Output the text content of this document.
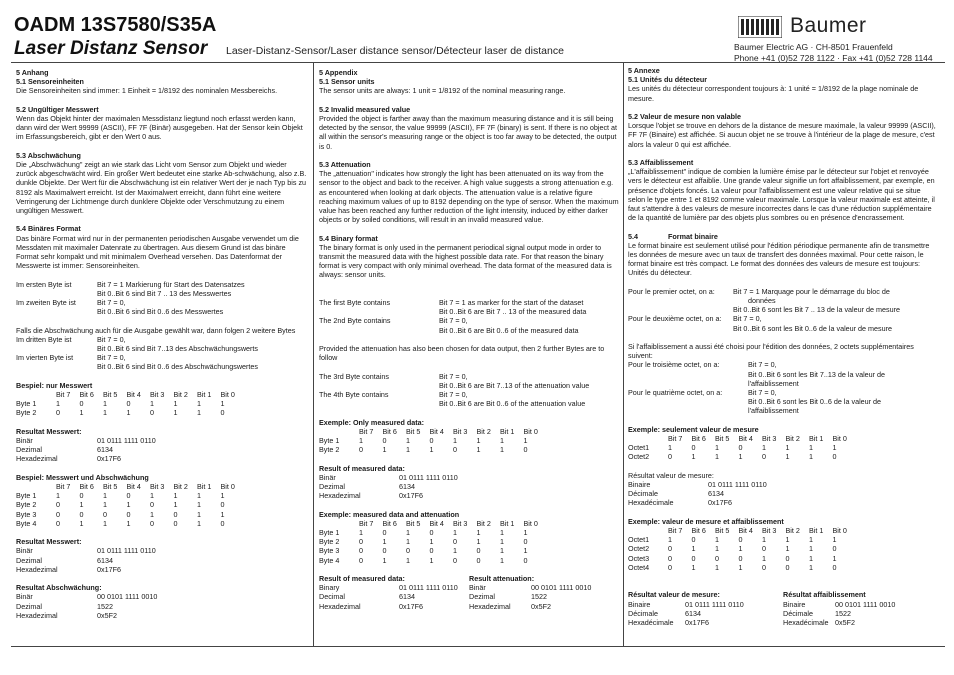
OADM 13S7580/S35A
Laser Distanz Sensor Laser-Distanz-Sensor/Laser distance sensor/Détecteur laser de distance
Baumer
Baumer Electric AG · CH-8501 Frauenfeld
Phone +41 (0)52 728 1122 · Fax +41 (0)52 728 1144
5 Anhang
5.1 Sensoreinheiten
Die Sensoreinheiten sind immer: 1 Einheit = 1/8192 des nominalen Messbereichs.
5.2 Ungültiger Messwert
Wenn das Objekt hinter der maximalen Messdistanz liegtund noch erfasst werden kann, dann wird der Wert 99999 (ASCII), FF 7F (Binär) ausgegeben. Hat der Sensor kein Objekt im Erfassungsbereich, gibt er den Wert 0 aus.
5.3 Abschwächung
Die „Abschwächung" zeigt an wie stark das Licht vom Sensor zum Objekt und wieder zurück abgeschwächt wird. Ein großer Wert bedeutet eine starke Ab-schwächung, also z.B. dunkle Objekte. Der Wert für die Abschwächung ist ein relativer Wert der je nach Typ bis zu 8192 als Maximalwert erreicht. Ist der Maximalwert erreicht, dann führt eine weitere Verringerung der Lichtmenge durch dunklere Objekte oder Verschmutzung zu einem ungültigen Messwert.
5.4 Binäres Format
Das binäre Format wird nur in der permanenten periodischen Ausgabe verwendet um die Messdaten mit maximaler Datenrate zu übertragen. Aus diesem Grund ist das binäre Format sehr kompakt und mit minimalem Overhead versehen. Das Datenformat der Messwerte ist immer: Sensoreinheiten.
Im ersten Byte ist	Bit 7 = 1 Markierung für Start des Datensatzes
Bit 0..Bit 6 sind Bit 7 .. 13 des Messwertes
Im zweiten Byte ist	Bit 7 = 0,
Bit 0..Bit 6 sind Bit 0..6 des Messwertes
Falls die Abschwächung auch für die Ausgabe gewählt war, dann folgen 2 weitere Bytes
Im dritten Byte ist	Bit 7 = 0,
Bit 0..Bit 6 sind Bit 7..13 des Abschwächungswerts
Im vierten Byte ist	Bit 7 = 0,
Bit 0..Bit 6 sind Bit 0..6 des Abschwächungswertes
Bespiel: nur Messwert
Bit 7	Bit 6	Bit 5	Bit 4	Bit 3	Bit 2	Bit 1	Bit 0
Byte 1	1	0	1	0	1	1	1	1
Byte 2	0	1	1	1	0	1	1	0
Resultat Messwert:
Binär	01 0111 1111 0110
Dezimal	6134
Hexadezimal	0x17F6
Bespiel: Messwert und Abschwächung
Bit 7	Bit 6	Bit 5	Bit 4	Bit 3	Bit 2	Bit 1	Bit 0
Byte 1	1	0	1	0	1	1	1	1
Byte 2	0	1	1	1	0	1	1	0
Byte 3	0	0	0	0	1	0	1	1
Byte 4	0	1	1	1	0	0	1	0
Resultat Messwert:
Binär	01 0111 1111 0110
Dezimal	6134
Hexadezimal	0x17F6
Resultat Abschwächung:
Binär	00 0101 1111 0010
Dezimal	1522
Hexadezimal	0x5F2
5 Appendix
5.1 Sensor units
The sensor units are always: 1 unit = 1/8192 of the nominal measuring range.
5.2 Invalid measured value
Provided the object is farther away than the maximum measuring distance and it is still being detected by the sensor, the value 99999 (ASCII), FF 7F (binary) is sent. If there is no object at all within the sensor's measuring range or the object is too far away to be detected, the output is 0.
5.3 Attenuation
The „attenuation" indicates how strongly the light has been attenuated on its way from the sensor to the object and back to the receiver. A high value suggests a strong attenuation e.g. as encountered when looking at dark objects. The attenuation value is a relative figure reaching maximum values of up to 8192 depending on the type of sensor. When the maximum value has been reached any further reduction of the light intensity, induced by either darker objects or by soiled conditions, will result in an invalid measured value.
5.4 Binary format
The binary format is only used in the permanent periodical signal output mode in order to transmit the measured data with the highest possible data rate. For that reason the binary format is very compact with only minimal overhead. The data format of the measured data is always: sensor units.
The first Byte contains	Bit 7 = 1 as marker for the start of the dataset
Bit 0..Bit 6 are Bit 7 .. 13 of the measured data
The 2nd Byte contains	Bit 7 = 0,
Bit 0..Bit 6 are Bit 0..6 of the measured data
Provided the attenuation has also been chosen for data output, then 2 further Bytes are to follow
The 3rd Byte contains	Bit 7 = 0,
Bit 0..Bit 6 are Bit 7..13 of the attenuation value
The 4th Byte contains	Bit 7 = 0,
Bit 0..Bit 6 are Bit 0..6 of the attenuation value
Exemple: Only measured data:
Bit 7	Bit 6	Bit 5	Bit 4	Bit 3	Bit 2	Bit 1	Bit 0
Byte 1	1	0	1	0	1	1	1	1
Byte 2	0	1	1	1	0	1	1	0
Result of measured data:
Binär	01 0111 1111 0110
Dezimal	6134
Hexadezimal	0x17F6
Exemple: measured data and attenuation
Bit 7	Bit 6	Bit 5	Bit 4	Bit 3	Bit 2	Bit 1	Bit 0
Byte 1	1	0	1	0	1	1	1	1
Byte 2	0	1	1	1	0	1	1	0
Byte 3	0	0	0	0	1	0	1	1
Byte 4	0	1	1	1	0	0	1	0
Result of measured data:
Binary	01 0111 1111 0110
Decimal	6134
Hexadezimal	0x17F6
Result attenuation:
Binär	00 0101 1111 0010
Dezimal	1522
Hexadezimal	0x5F2
5 Annexe
5.1 Unités du détecteur
Les unités du détecteur correspondent toujours à: 1 unité = 1/8192 de la plage nominale de mesure.
5.2 Valeur de mesure non valable
Lorsque l'objet se trouve en dehors de la distance de mesure maximale, la valeur 99999 (ASCII), FF 7F (Binaire) est affichée. Si aucun objet ne se trouve à l'intérieur de la plage de mesure, c'est alors la valeur 0 qui est affichée.
5.3 Affaiblissement
„L'affaiblissement" indique de combien la lumière émise par le détecteur sur l'objet et renvoyée vers le détecteur est affaiblie. Une grande valeur signifie un fort affaiblissement, par exemple, en présence d'objets foncés. La valeur pour l'affaiblissement est une valeur relative qui se situe selon le type entre 1 et 8192 comme valeur maximale. Lorsque la valeur maximale est atteinte, il faut s'attendre à des valeurs de mesure incorrectes dans le cas d'une réduction supplémentaire de la quantité de lumière par des objets plus sombres ou en présence d'encrassement.
5.4	Format binaire
Le format binaire est seulement utilisé pour l'édition périodique permanente afin de transmettre les données de mesure avec un taux de transfert des données maximal. Pour cette raison, le format binaire est très compact. Le format des données des valeurs de mesure est toujours: Unités du détecteur.
Pour le premier octet, on a:	Bit 7 = 1 Marquage pour le démarrage du bloc de
données
Bit 0..Bit 6 sont les Bit 7 .. 13 de la valeur de mesure
Pour le deuxième octet, on a:	Bit 7 = 0,
Bit 0..Bit 6 sont les Bit 0..6 de la valeur de mesure
Si l'affaiblissement a aussi été choisi pour l'édition des données, 2 octets supplémentaires suivent:
Pour le troisième octet, on a:	Bit 7 = 0,
Bit 0..Bit 6 sont les Bit 7..13 de la valeur de
l'affaiblissement
Pour le quatrième octet, on a:	Bit 7 = 0,
Bit 0..Bit 6 sont les Bit 0..6 de la valeur de
l'affaiblissement
Exemple: seulement valeur de mesure
Bit 7	Bit 6	Bit 5	Bit 4	Bit 3	Bit 2	Bit 1	Bit 0
Octet1	1	0	1	0	1	1	1	1
Octet2	0	1	1	1	0	1	1	0
Résultat valeur de mesure:
Binaire	01 0111 1111 0110
Décimale	6134
Hexadécimale	0x17F6
Exemple: valeur de mesure et affaiblissement
Bit 7	Bit 6	Bit 5	Bit 4	Bit 3	Bit 2	Bit 1	Bit 0
Octet1	1	0	1	0	1	1	1	1
Octet2	0	1	1	1	0	1	1	0
Octet3	0	0	0	0	1	0	1	1
Octet4	0	1	1	1	0	0	1	0
Résultat valeur de mesure:
Binaire	01 0111 1111 0110
Décimale	6134
Hexadécimale	0x17F6
Résultat affaiblissement
Binaire	00 0101 1111 0010
Décimale	1522
Hexadécimale 0x5F2
